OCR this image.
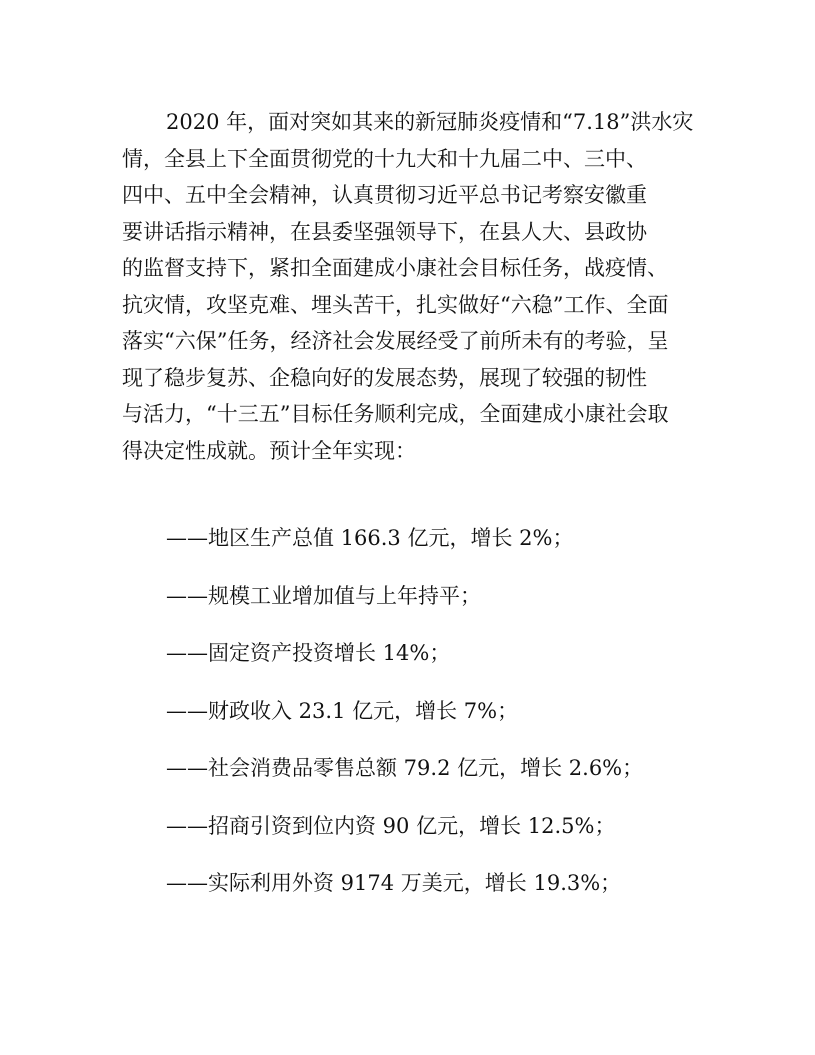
2020 年，面对突如其来的新冠肺炎疫情和“7.18”洪水灾
情，全县上下全面贯彻党的十九大和十九届二中、三中、
四中、五中全会精神，认真贯彻习近平总书记考察安徽重
要讲话指示精神，在县委坚强领导下，在县人大、县政协
的监督支持下，紧扣全面建成小康社会目标任务，战疫情、
抗灾情，攻坚克难、埋头苦干，扎实做好“六稳”工作、全面
落实“六保”任务，经济社会发展经受了前所未有的考验，呈
现了稳步复苏、企稳向好的发展态势，展现了较强的韧性
与活力，“十三五”目标任务顺利完成，全面建成小康社会取
得决定性成就。预计全年实现：
——地区生产总值 166.3 亿元，增长 2%；
——规模工业增加值与上年持平；
——固定资产投资增长 14%；
——财政收入 23.1 亿元，增长 7%；
——社会消费品零售总额 79.2 亿元，增长 2.6%；
——招商引资到位内资 90 亿元，增长 12.5%；
——实际利用外资 9174 万美元，增长 19.3%；
